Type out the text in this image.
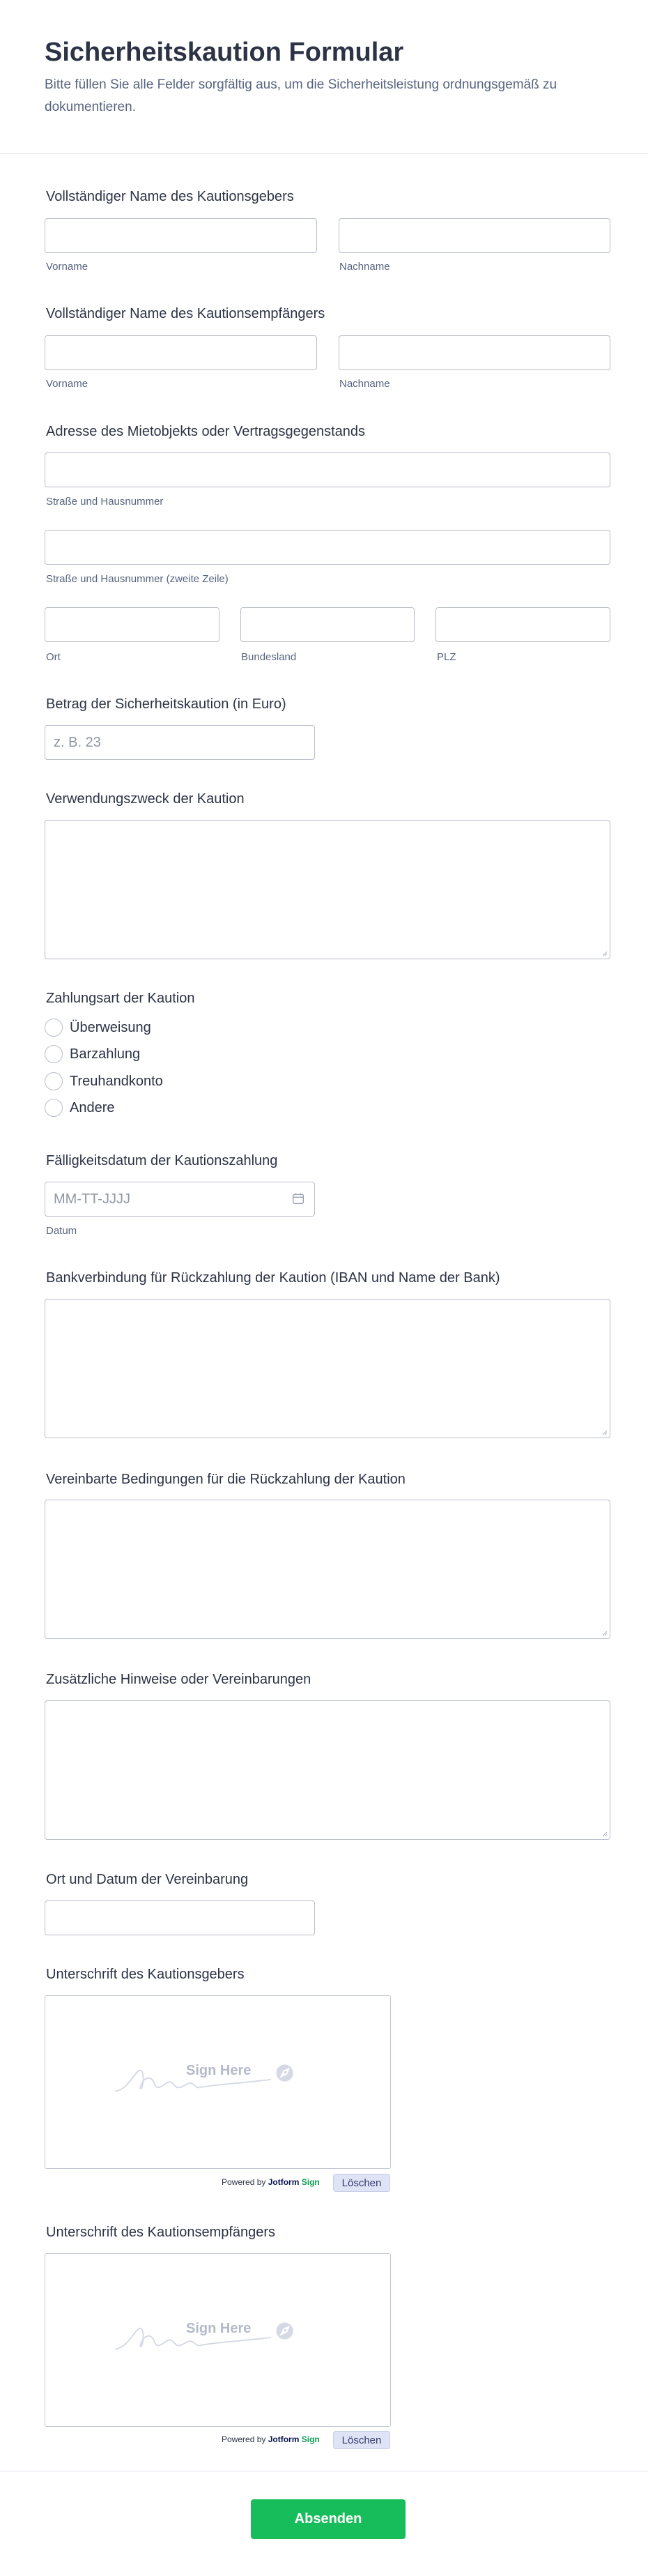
Sicherheitskaution Formular

Bitte füllen Sie alle Felder sorgfältig aus, um die Sicherheitsleistung ordnungsgemäß zu dokumentieren.

Vollständiger Name des Kautionsgebers
Vorname	Nachname
Vollständiger Name des Kautionsempfängers
Vorname	Nachname
Adresse des Mietobjekts oder Vertragsgegenstands
Straße und Hausnummer
Straße und Hausnummer (zweite Zeile)
Ort	Bundesland	PLZ
Betrag der Sicherheitskaution (in Euro)
z. B. 23
Verwendungszweck der Kaution
Zahlungsart der Kaution
Überweisung
Barzahlung
Treuhandkonto
Andere
Fälligkeitsdatum der Kautionszahlung
MM-TT-JJJJ
Datum
Bankverbindung für Rückzahlung der Kaution (IBAN und Name der Bank)
Vereinbarte Bedingungen für die Rückzahlung der Kaution
Zusätzliche Hinweise oder Vereinbarungen
Ort und Datum der Vereinbarung
Unterschrift des Kautionsgebers
Sign Here
Powered by Jotform Sign	Löschen
Unterschrift des Kautionsempfängers
Sign Here
Powered by Jotform Sign	Löschen
Absenden
